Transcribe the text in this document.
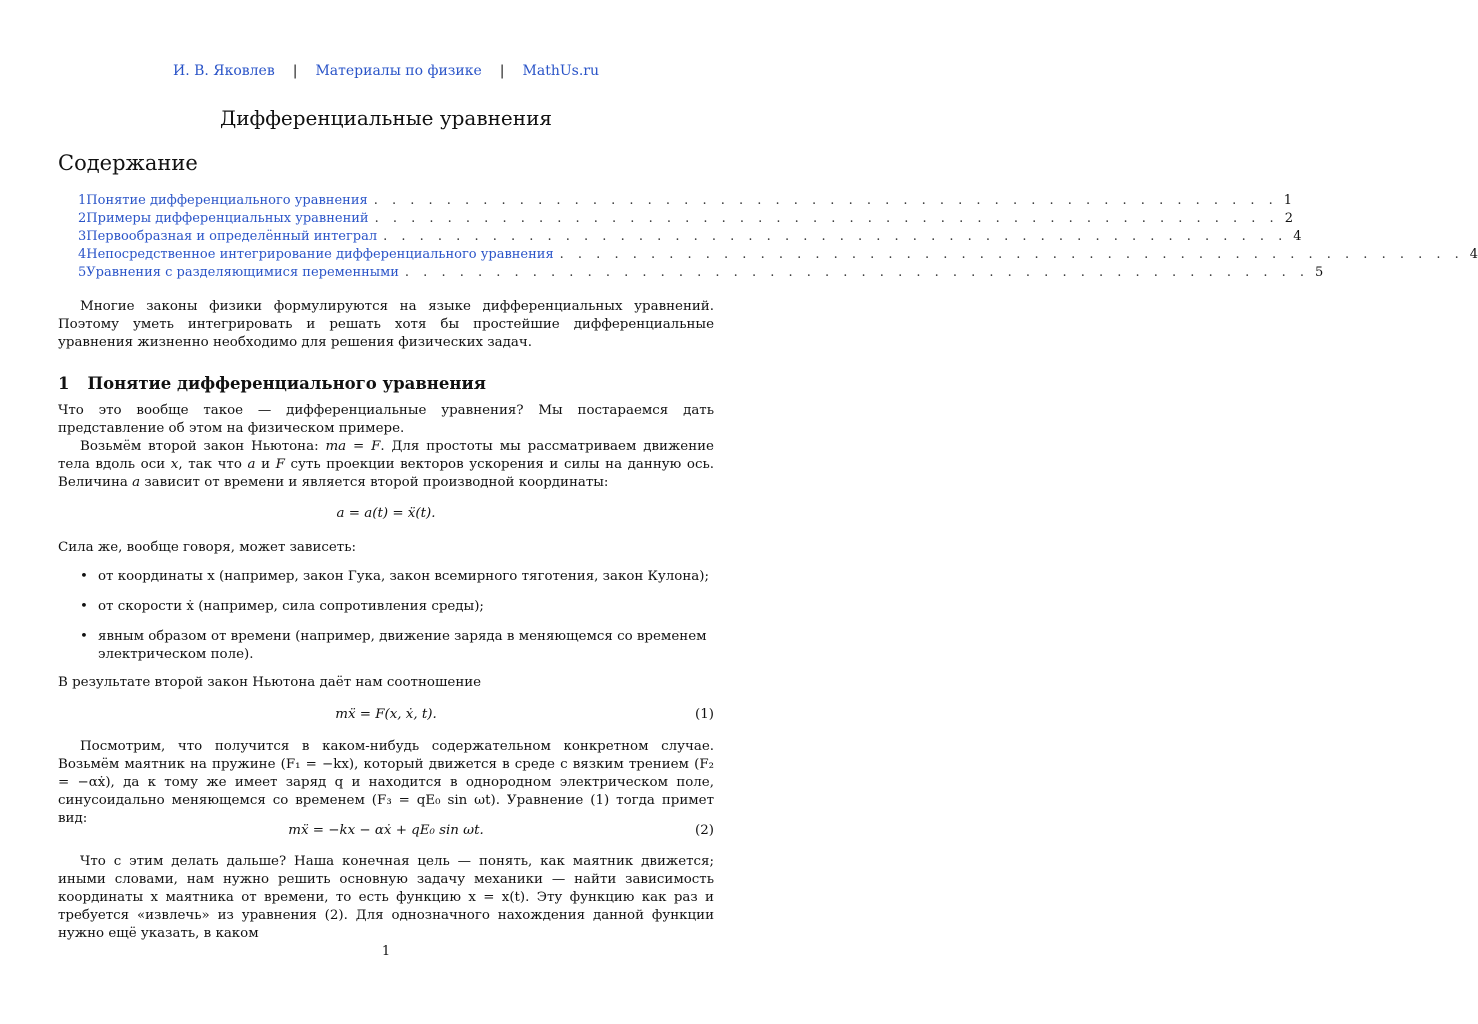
И. В. Яковлев | Материалы по физике | MathUs.ru
Дифференциальные уравнения
Содержание
1 Понятие дифференциального уравнения . . . . . . . . . . . . . . . . . . . . . . . . . . . . . . . . . . . . . . . . . . . . . . . . . . 1
2 Примеры дифференциальных уравнений . . . . . . . . . . . . . . . . . . . . . . . . . . . . . . . . . . . . . . . . . . . . . . . . . . 2
3 Первообразная и определённый интеграл . . . . . . . . . . . . . . . . . . . . . . . . . . . . . . . . . . . . . . . . . . . . . . . . . . 4
4 Непосредственное интегрирование дифференциального уравнения . . . . . . . . . . . . . . . . . . . . . . . . . . . . . . . . . . . . . . . . . . . . . . . . . . 4
5 Уравнения с разделяющимися переменными . . . . . . . . . . . . . . . . . . . . . . . . . . . . . . . . . . . . . . . . . . . . . . . . . . 5
Многие законы физики формулируются на языке дифференциальных уравнений. Поэтому уметь интегрировать и решать хотя бы простейшие дифференциальные уравнения жизненно необходимо для решения физических задач.
1 Понятие дифференциального уравнения
Что это вообще такое — дифференциальные уравнения? Мы постараемся дать представление об этом на физическом примере.
Возьмём второй закон Ньютона: ma = F. Для простоты мы рассматриваем движение тела вдоль оси x, так что a и F суть проекции векторов ускорения и силы на данную ось. Величина a зависит от времени и является второй производной координаты:
a = a(t) = ẍ(t).
Сила же, вообще говоря, может зависеть:
• от координаты x (например, закон Гука, закон всемирного тяготения, закон Кулона);
• от скорости ẋ (например, сила сопротивления среды);
• явным образом от времени (например, движение заряда в меняющемся со временем электрическом поле).
В результате второй закон Ньютона даёт нам соотношение
mẍ = F(x, ẋ, t).	(1)
Посмотрим, что получится в каком-нибудь содержательном конкретном случае. Возьмём маятник на пружине (F₁ = −kx), который движется в среде с вязким трением (F₂ = −αẋ), да к тому же имеет заряд q и находится в однородном электрическом поле, синусоидально меняющемся со временем (F₃ = qE₀ sin ωt). Уравнение (1) тогда примет вид:
mẍ = −kx − αẋ + qE₀ sin ωt.	(2)
Что с этим делать дальше? Наша конечная цель — понять, как маятник движется; иными словами, нам нужно решить основную задачу механики — найти зависимость координаты x маятника от времени, то есть функцию x = x(t). Эту функцию как раз и требуется «извлечь» из уравнения (2). Для однозначного нахождения данной функции нужно ещё указать, в каком
1
